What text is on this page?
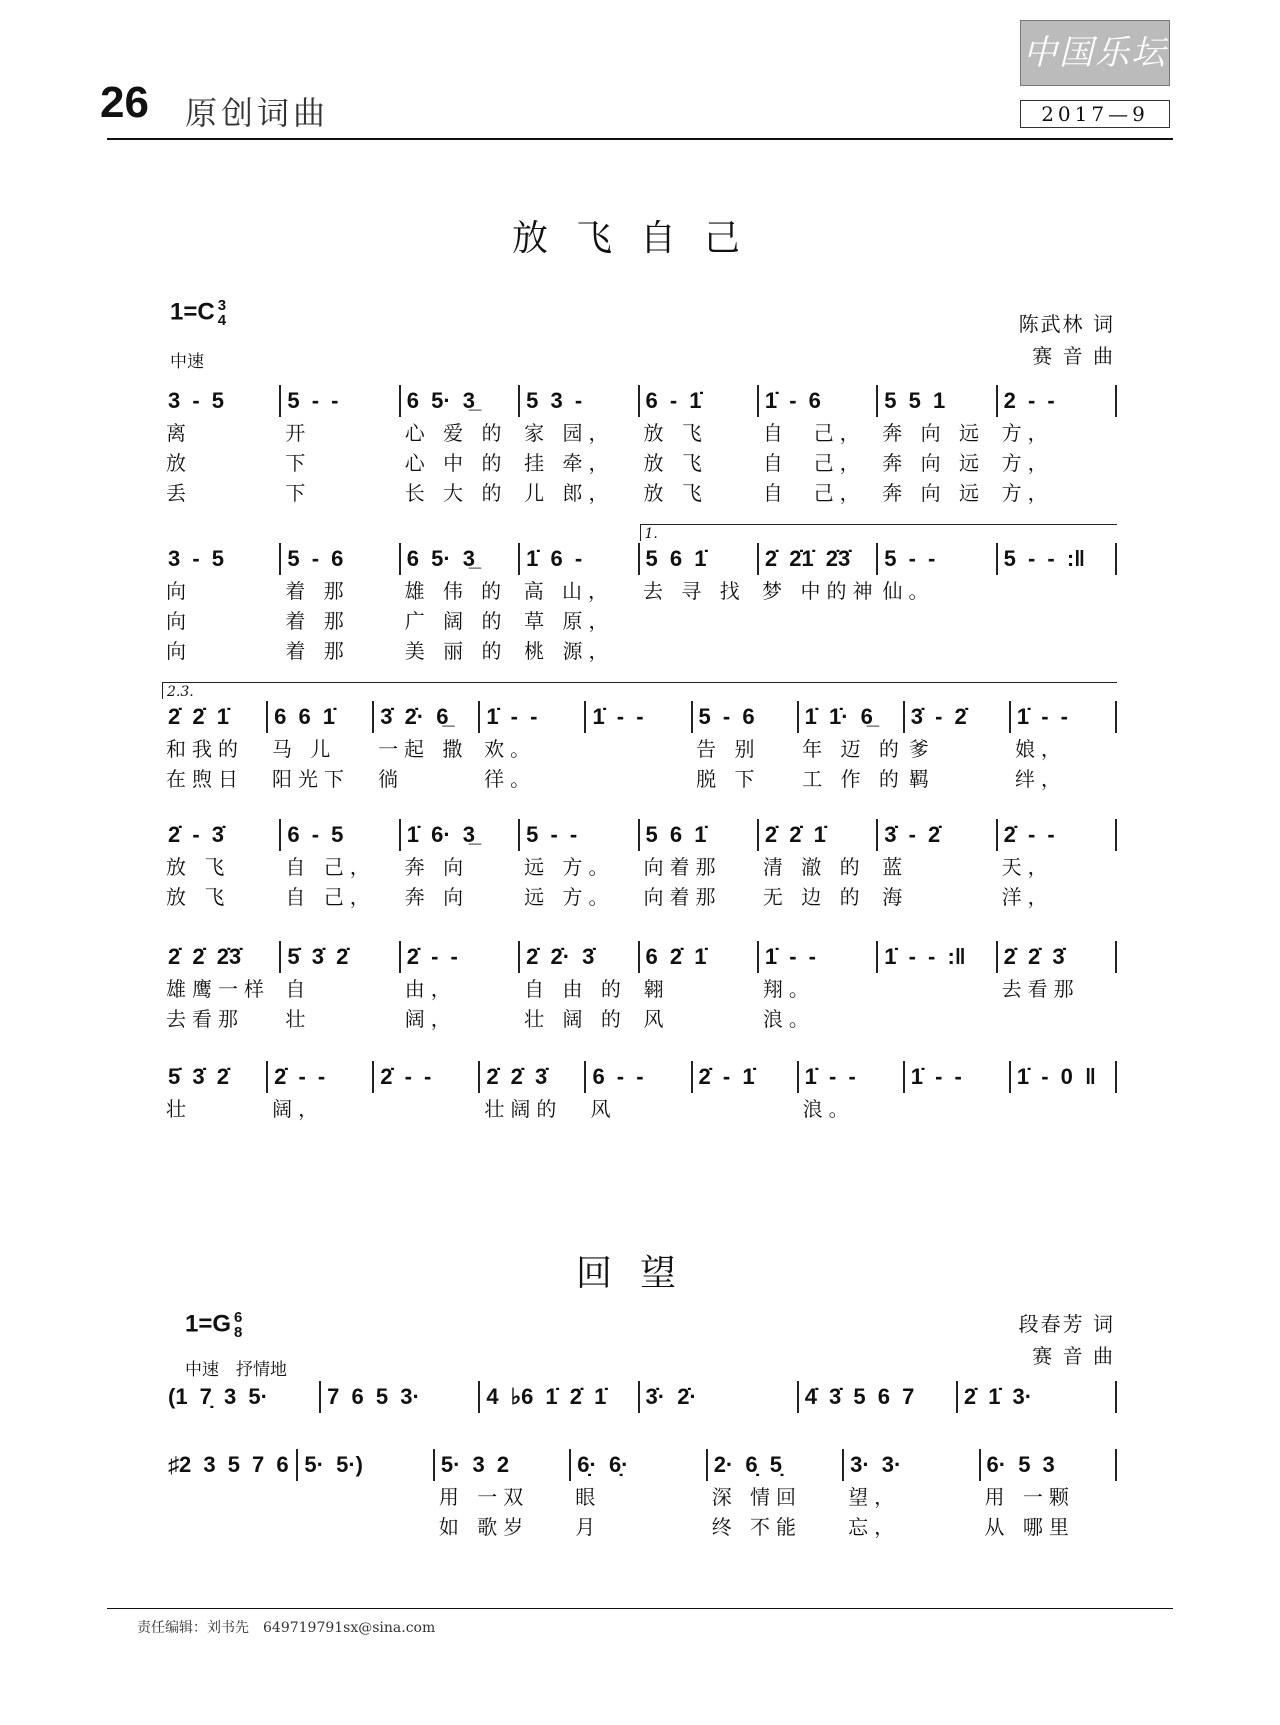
26 原创词曲
中国乐坛
2017—9
放飞自己
1=C 3
4
中速
陈武林 词
赛 音 曲
3 - 5	5 - -	6 5· 3̲	5 3 -	6 - 1̇	1̇ - 6	5 5 1	2 - -
离	开	心 爱 的 家 园，	放 飞	自  己， 奔 向 远 方，
放	下	心 中 的 挂 牵，	放 飞	自  己， 奔 向 远 方，
丢	下	长 大 的 儿 郎，	放 飞	自  己， 奔 向 远 方，
3 - 5	5 - 6	6 5· 3̲	1̇ 6 -	5 6 1̇	2̇ 2̇1̇ 2̇3̇	5 - -	5 - - :‖
1.
向	着 那	雄 伟 的 高 山，	去 寻 找 梦 中的神 仙。
向	着 那	广 阔 的 草 原，
向	着 那	美 丽 的 桃 源，
2̇ 2̇ 1̇	6 6 1̇	3̇ 2̇· 6̲	1̇ - -	1̇ - -	5 - 6	1̇ 1̇· 6̲	3̇ - 2̇	1̇ - -
2.3.
和我的	马 儿	一起 撒 欢。	告 别	年 迈 的 爹	娘，
在煦日	阳光下	徜	徉。	脱 下	工 作 的 羁	绊，
2̇ - 3̇	6 - 5	1̇ 6· 3̲	5 - -	5 6 1̇	2̇ 2̇ 1̇	3̇ - 2̇	2̇ - -
放 飞	自 己，	奔 向	远 方。	向着那	清 澈 的 蓝	天，
放 飞	自 己，	奔 向	远 方。	向着那	无 边 的 海	洋，
2̇ 2̇ 2̇3̇	5̇ 3̇ 2̇	2̇ - -	2̇ 2̇· 3̇	6 2̇ 1̇	1̇ - -	1̇ - - :‖	2̇ 2̇ 3̇
雄鹰一样 自	由，	自 由 的 翱	翔。	去看那
去看那	壮	阔，	壮 阔 的 风	浪。
5̇ 3̇ 2̇	2̇ - -	2̇ - -	2̇ 2̇ 3̇	6 - -	2̇ - 1̇	1̇ - -	1̇ - -	1̇ - 0 ‖
壮	阔，	壮阔的	风	浪。
回望
1=G 6
8
中速　抒情地
段春芳 词
赛 音 曲
(1 7̣ 3 5·	7 6 5 3·	4 ♭6 1̇ 2̇ 1̇	3̇· 2̇·	4̇ 3̇ 5 6 7	2̇ 1̇ 3·
♯2 3 5 7 6 5· 5·)	5· 3 2	6̣· 6̣·	2· 6̣ 5̣	3· 3·	6· 5 3
用 一双	眼	深 情回	望，	用 一颗
如 歌岁	月	终 不能	忘，	从 哪里
责任编辑：刘书先　649719791sx@sina.com
